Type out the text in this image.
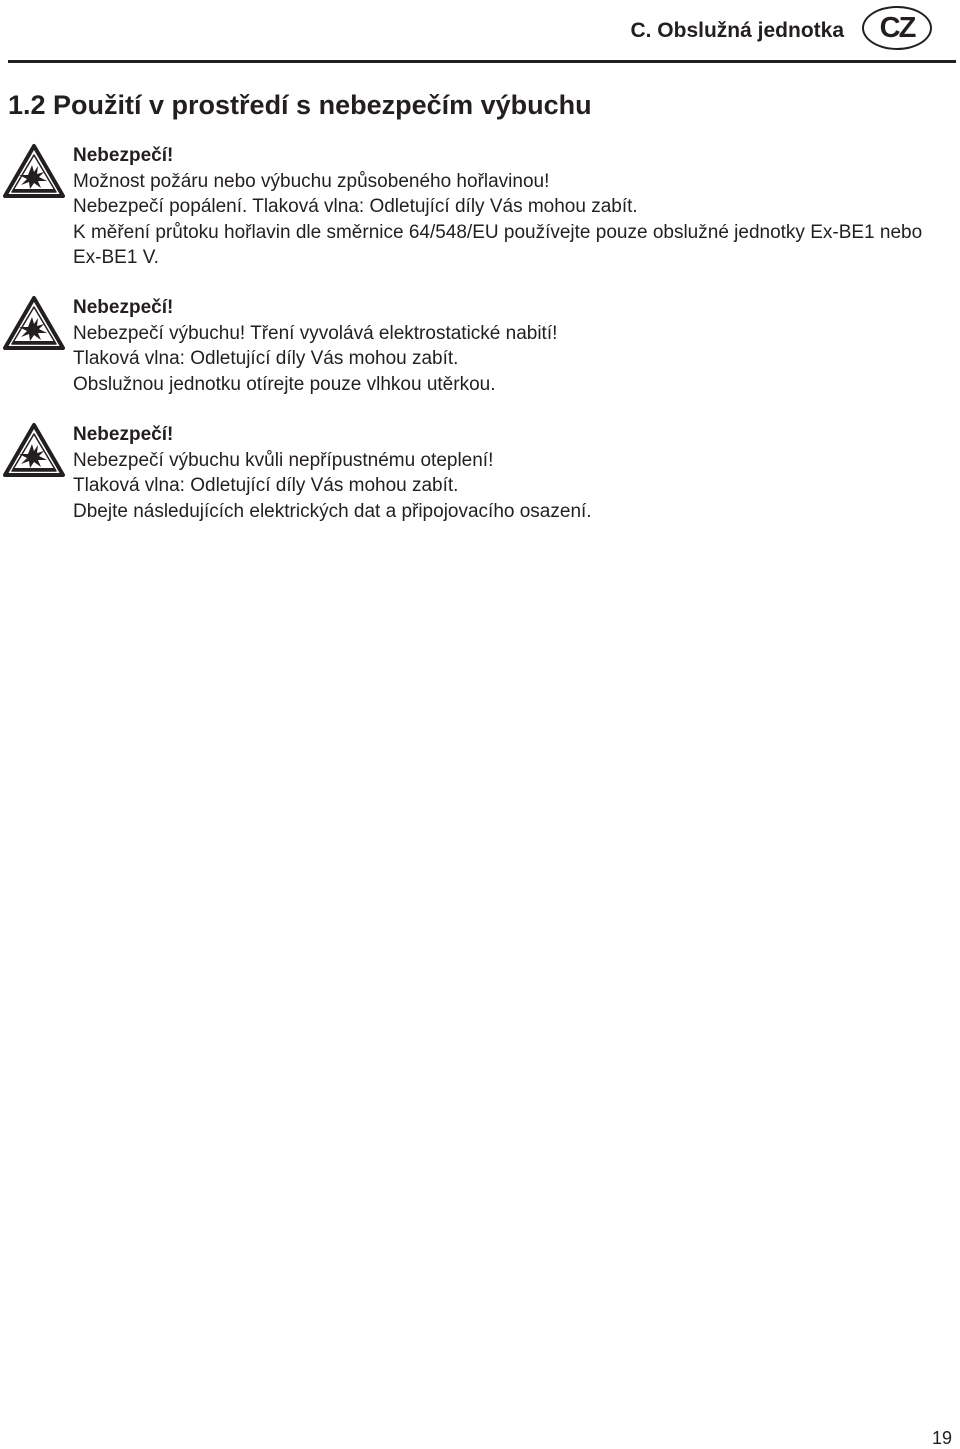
C. Obslužná jednotka	CZ
1.2 Použití v prostředí s nebezpečím výbuchu

Nebezpečí!

Možnost požáru nebo výbuchu způsobeného hořlavinou!

Nebezpečí popálení. Tlaková vlna: Odletující díly Vás mohou zabít.

K měření průtoku hořlavin dle směrnice 64/548/EU používejte pouze obslužné jednotky Ex-BE1 nebo Ex-BE1 V.

Nebezpečí!

Nebezpečí výbuchu! Tření vyvolává elektrostatické nabití!

Tlaková vlna: Odletující díly Vás mohou zabít.

Obslužnou jednotku otírejte pouze vlhkou utěrkou.

Nebezpečí!

Nebezpečí výbuchu kvůli nepřípustnému oteplení!

Tlaková vlna: Odletující díly Vás mohou zabít.

Dbejte následujících elektrických dat a připojovacího osazení.

19
